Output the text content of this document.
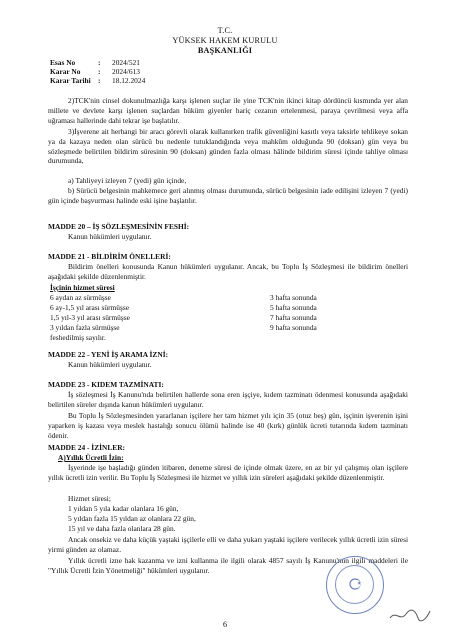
T.C.
YÜKSEK HAKEM KURULU
BAŞKANLIĞI
Esas No	: 2024/521
Karar No : 2024/613
Karar Tarihi : 18.12.2024
2)TCK'nin cinsel dokunulmazlığa karşı işlenen suçlar ile yine TCK'nin ikinci kitap dördüncü kısmında yer alan millete ve devlete karşı işlenen suçlardan hüküm giyenler hariç cezanın ertelenmesi, paraya çevrilmesi veya affa uğraması hallerinde dahi tekrar işe başlatılır.
3)İşverene ait herhangi bir aracı görevli olarak kullanırken trafik güvenliğini kasıtlı veya taksirle tehlikeye sokan ya da kazaya neden olan sürücü bu nedenle tutuklandığında veya mahkûm olduğunda 90 (doksan) gün veya bu sözleşmede belirtilen bildirim süresinin 90 (doksan) günden fazla olması hâlinde bildirim süresi içinde tahliye olması durumunda,
a) Tahliyeyi izleyen 7 (yedi) gün içinde,
b) Sürücü belgesinin mahkemece geri alınmış olması durumunda, sürücü belgesinin iade edilişini izleyen 7 (yedi) gün içinde başvurması halinde eski işine başlatılır.
MADDE 20 – İŞ SÖZLEŞMESİNİN FESHİ:
Kanun hükümleri uygulanır.
MADDE 21 - BİLDİRİM ÖNELLERİ:
Bildirim önelleri konusunda Kanun hükümleri uygulanır. Ancak, bu Toplu İş Sözleşmesi ile bildirim önelleri aşağıdaki şekilde düzenlenmiştir.
İşçinin hizmet süresi
6 aydan az sürmüşse	3 hafta sonunda
6 ay-1,5 yıl arası sürmüşse	5 hafta sonunda
1,5 yıl-3 yıl arası sürmüşse	7 hafta sonunda
3 yıldan fazla sürmüşse	9 hafta sonunda
feshedilmiş sayılır.
MADDE 22 - YENİ İŞ ARAMA İZNİ:
Kanun hükümleri uygulanır.
MADDE 23 - KIDEM TAZMİNATI:
İş sözleşmesi İş Kanunu'nda belirtilen hallerde sona eren işçiye, kıdem tazminatı ödenmesi konusunda aşağıdaki belirtilen süreler dışında kanun hükümleri uygulanır.
Bu Toplu İş Sözleşmesinden yararlanan işçilere her tam hizmet yılı için 35 (otuz beş) gün, işçinin işverenin işini yaparken iş kazası veya meslek hastalığı sonucu ölümü halinde ise 40 (kırk) günlük ücreti tutarında kıdem tazminatı ödenir.
MADDE 24 - İZİNLER:
A)Yıllık Ücretli İzin:
İşyerinde işe başladığı günden itibaren, deneme süresi de içinde olmak üzere, en az bir yıl çalışmış olan işçilere yıllık ücretli izin verilir. Bu Toplu İş Sözleşmesi ile hizmet ve yıllık izin süreleri aşağıdaki şekilde düzenlenmiştir.
Hizmet süresi;
1 yıldan 5 yıla kadar olanlara 16 gün,
5 yıldan fazla 15 yıldan az olanlara 22 gün,
15 yıl ve daha fazla olanlara 28 gün.
Ancak onsekiz ve daha küçük yaştaki işçilerle elli ve daha yukarı yaştaki işçilere verilecek yıllık ücretli izin süresi yirmi günden az olamaz.
Yıllık ücretli izne hak kazanma ve izni kullanma ile ilgili olarak 4857 sayılı İş Kanunu'nun ilgili maddeleri ile "Yıllık Ücretli İzin Yönetmeliği" hükümleri uygulanır.
6
